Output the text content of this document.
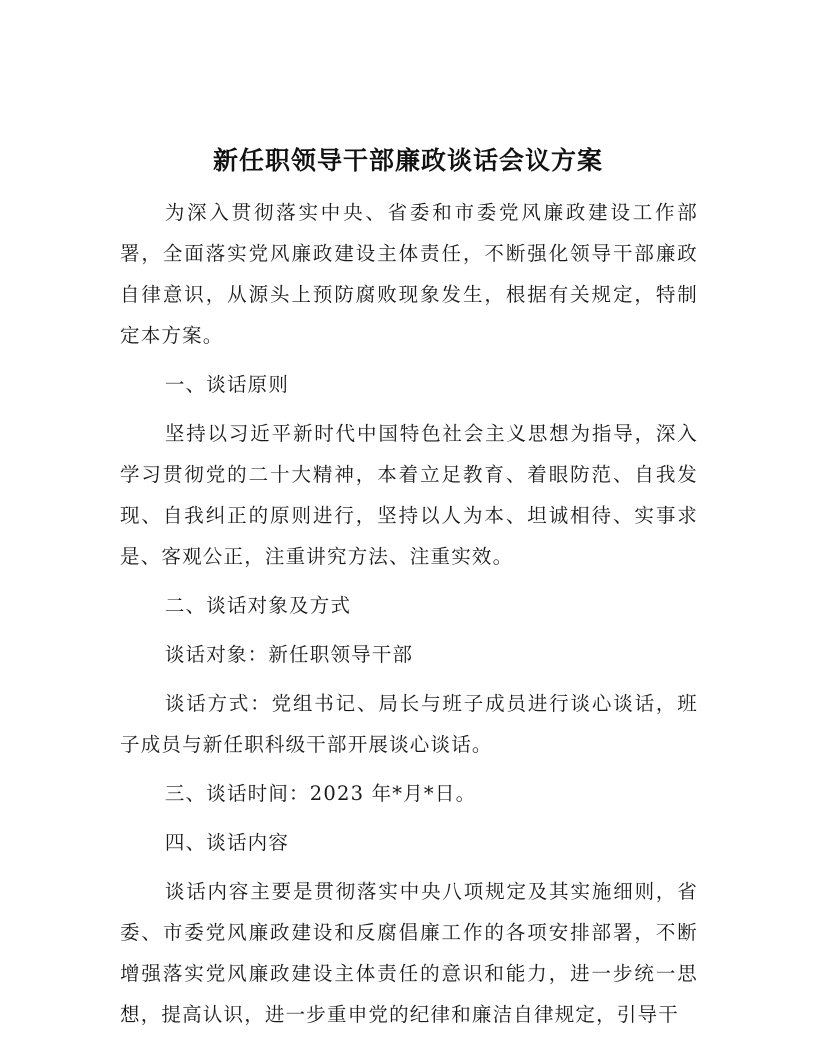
新任职领导干部廉政谈话会议方案

为深入贯彻落实中央、省委和市委党风廉政建设工作部署，全面落实党风廉政建设主体责任，不断强化领导干部廉政自律意识，从源头上预防腐败现象发生，根据有关规定，特制定本方案。

一、谈话原则

坚持以习近平新时代中国特色社会主义思想为指导，深入学习贯彻党的二十大精神，本着立足教育、着眼防范、自我发现、自我纠正的原则进行，坚持以人为本、坦诚相待、实事求是、客观公正，注重讲究方法、注重实效。

二、谈话对象及方式

谈话对象：新任职领导干部

谈话方式：党组书记、局长与班子成员进行谈心谈话，班子成员与新任职科级干部开展谈心谈话。

三、谈话时间：2023 年*月*日。

四、谈话内容

谈话内容主要是贯彻落实中央八项规定及其实施细则，省委、市委党风廉政建设和反腐倡廉工作的各项安排部署，不断增强落实党风廉政建设主体责任的意识和能力，进一步统一思想，提高认识，进一步重申党的纪律和廉洁自律规定，引导干
